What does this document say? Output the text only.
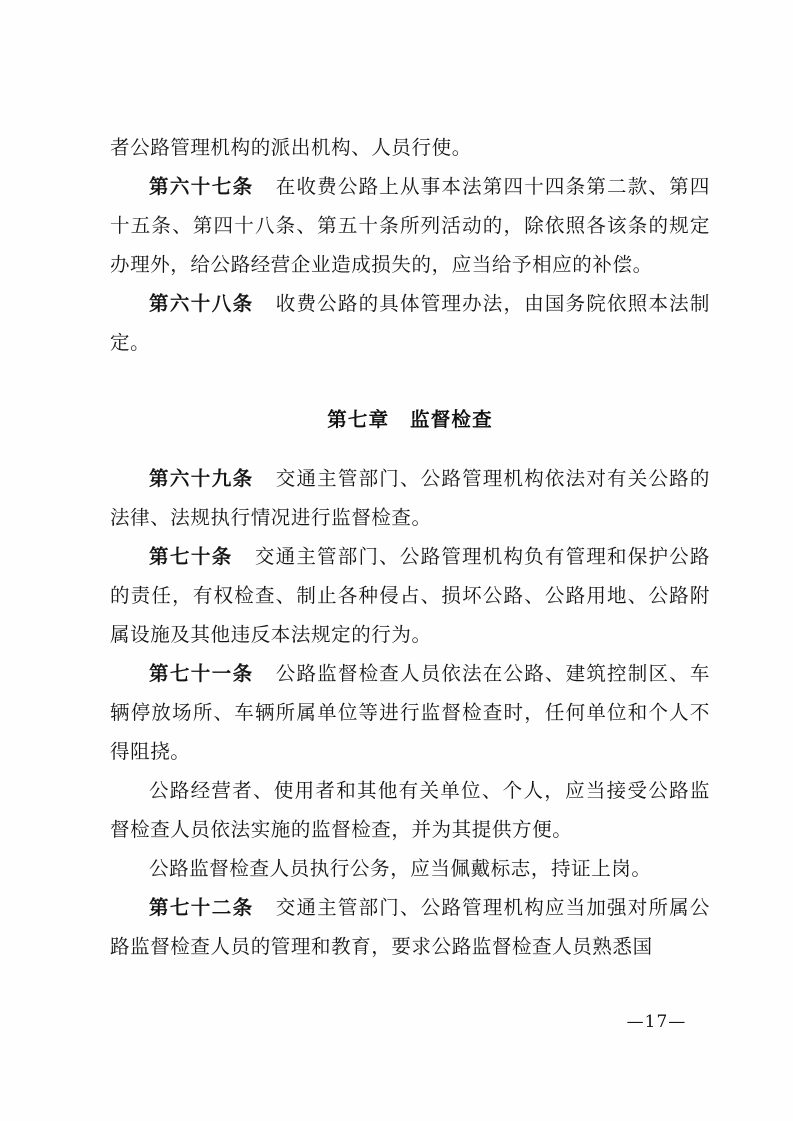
者公路管理机构的派出机构、人员行使。

第六十七条 在收费公路上从事本法第四十四条第二款、第四十五条、第四十八条、第五十条所列活动的，除依照各该条的规定办理外，给公路经营企业造成损失的，应当给予相应的补偿。

第六十八条 收费公路的具体管理办法，由国务院依照本法制定。

第七章　监督检查

第六十九条 交通主管部门、公路管理机构依法对有关公路的法律、法规执行情况进行监督检查。

第七十条 交通主管部门、公路管理机构负有管理和保护公路的责任，有权检查、制止各种侵占、损坏公路、公路用地、公路附属设施及其他违反本法规定的行为。

第七十一条 公路监督检查人员依法在公路、建筑控制区、车辆停放场所、车辆所属单位等进行监督检查时，任何单位和个人不得阻挠。

公路经营者、使用者和其他有关单位、个人，应当接受公路监督检查人员依法实施的监督检查，并为其提供方便。

公路监督检查人员执行公务，应当佩戴标志，持证上岗。

第七十二条 交通主管部门、公路管理机构应当加强对所属公路监督检查人员的管理和教育，要求公路监督检查人员熟悉国

—17—
